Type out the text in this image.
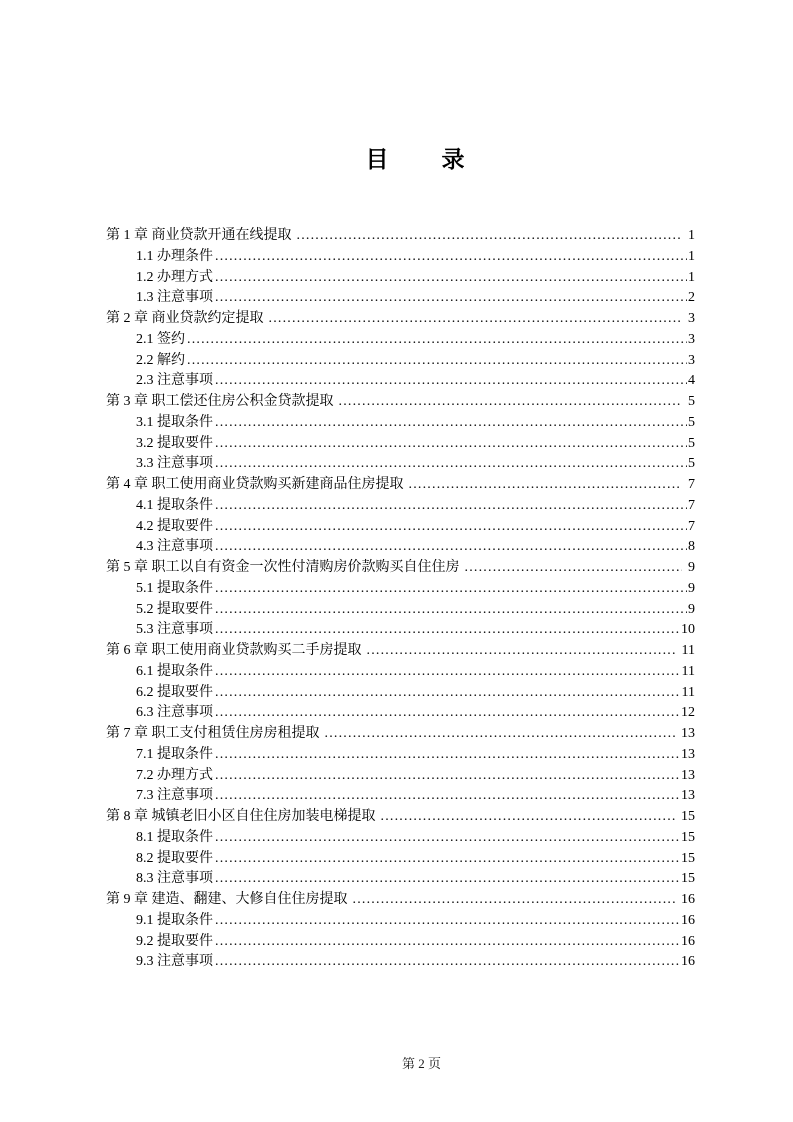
目 录
第 1 章 商业贷款开通在线提取 .....	1
1.1 办理条件 .....	1
1.2 办理方式 .....	1
1.3 注意事项 .....	2
第 2 章 商业贷款约定提取 .....	3
2.1 签约 .....	3
2.2 解约 .....	3
2.3 注意事项 .....	4
第 3 章 职工偿还住房公积金贷款提取 .....	5
3.1 提取条件 .....	5
3.2 提取要件 .....	5
3.3 注意事项 .....	5
第 4 章 职工使用商业贷款购买新建商品住房提取 .....	7
4.1 提取条件 .....	7
4.2 提取要件 .....	7
4.3 注意事项 .....	8
第 5 章 职工以自有资金一次性付清购房价款购买自住住房 .....	9
5.1 提取条件 .....	9
5.2 提取要件 .....	9
5.3 注意事项 .....	10
第 6 章 职工使用商业贷款购买二手房提取 .....	11
6.1 提取条件 .....	11
6.2 提取要件 .....	11
6.3 注意事项 .....	12
第 7 章 职工支付租赁住房房租提取 .....	13
7.1 提取条件 .....	13
7.2 办理方式 .....	13
7.3 注意事项 .....	13
第 8 章 城镇老旧小区自住住房加装电梯提取 .....	15
8.1 提取条件 .....	15
8.2 提取要件 .....	15
8.3 注意事项 .....	15
第 9 章 建造、翻建、大修自住住房提取 .....	16
9.1 提取条件 .....	16
9.2 提取要件 .....	16
9.3 注意事项 .....	16

第 2 页
